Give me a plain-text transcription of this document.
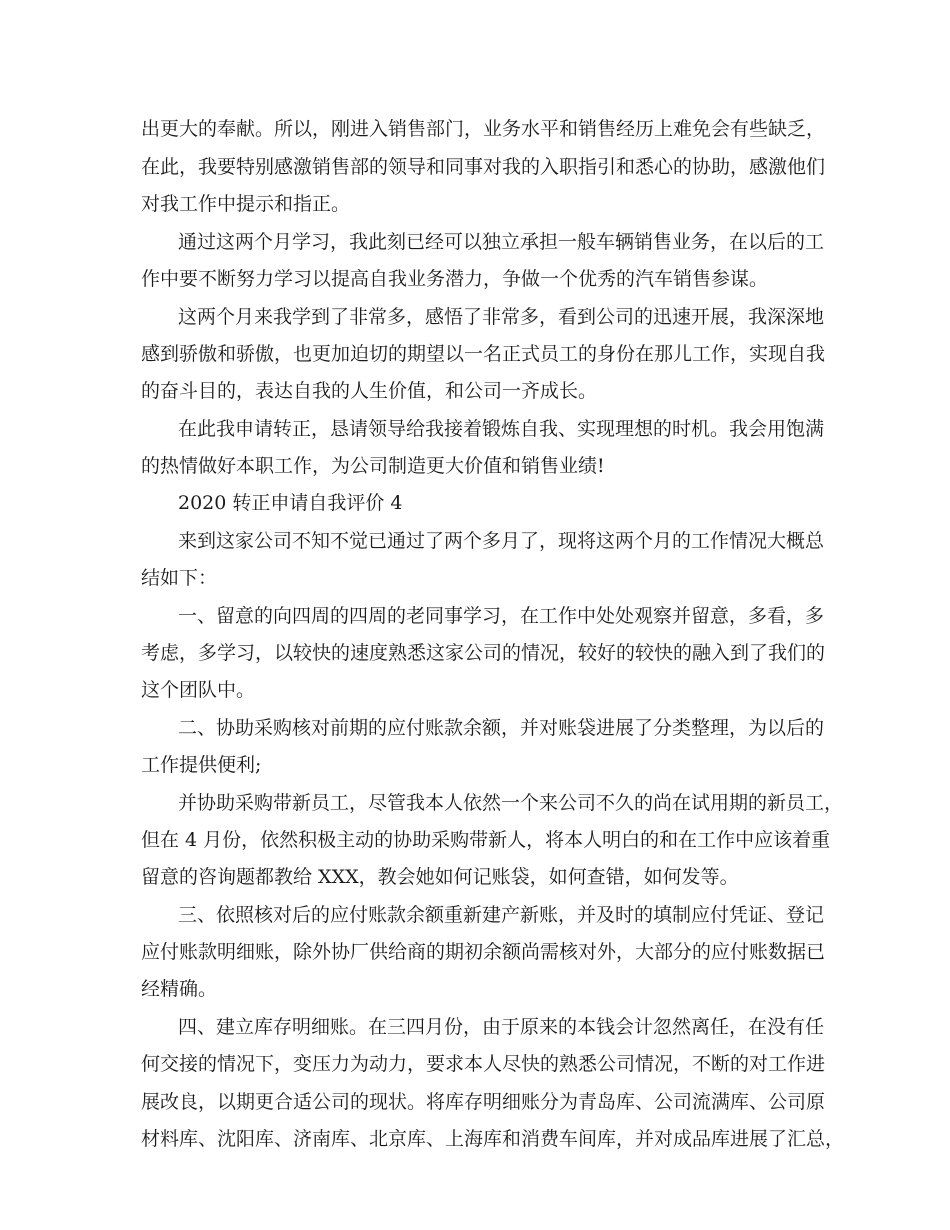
出更大的奉献。所以，刚进入销售部门，业务水平和销售经历上难免会有些缺乏，
在此，我要特别感激销售部的领导和同事对我的入职指引和悉心的协助，感激他们
对我工作中提示和指正。
通过这两个月学习，我此刻已经可以独立承担一般车辆销售业务，在以后的工
作中要不断努力学习以提高自我业务潜力，争做一个优秀的汽车销售参谋。
这两个月来我学到了非常多，感悟了非常多，看到公司的迅速开展，我深深地
感到骄傲和骄傲，也更加迫切的期望以一名正式员工的身份在那儿工作，实现自我
的奋斗目的，表达自我的人生价值，和公司一齐成长。
在此我申请转正，恳请领导给我接着锻炼自我、实现理想的时机。我会用饱满
的热情做好本职工作，为公司制造更大价值和销售业绩!
2020 转正申请自我评价 4
来到这家公司不知不觉已通过了两个多月了，现将这两个月的工作情况大概总
结如下：
一、留意的向四周的四周的老同事学习，在工作中处处观察并留意，多看，多
考虑，多学习，以较快的速度熟悉这家公司的情况，较好的较快的融入到了我们的
这个团队中。
二、协助采购核对前期的应付账款余额，并对账袋进展了分类整理，为以后的
工作提供便利;
并协助采购带新员工，尽管我本人依然一个来公司不久的尚在试用期的新员工，
但在 4 月份，依然积极主动的协助采购带新人，将本人明白的和在工作中应该着重
留意的咨询题都教给 XXX，教会她如何记账袋，如何查错，如何发等。
三、依照核对后的应付账款余额重新建产新账，并及时的填制应付凭证、登记
应付账款明细账，除外协厂供给商的期初余额尚需核对外，大部分的应付账数据已
经精确。
四、建立库存明细账。在三四月份，由于原来的本钱会计忽然离任，在没有任
何交接的情况下，变压力为动力，要求本人尽快的熟悉公司情况，不断的对工作进
展改良，以期更合适公司的现状。将库存明细账分为青岛库、公司流满库、公司原
材料库、沈阳库、济南库、北京库、上海库和消费车间库，并对成品库进展了汇总，
